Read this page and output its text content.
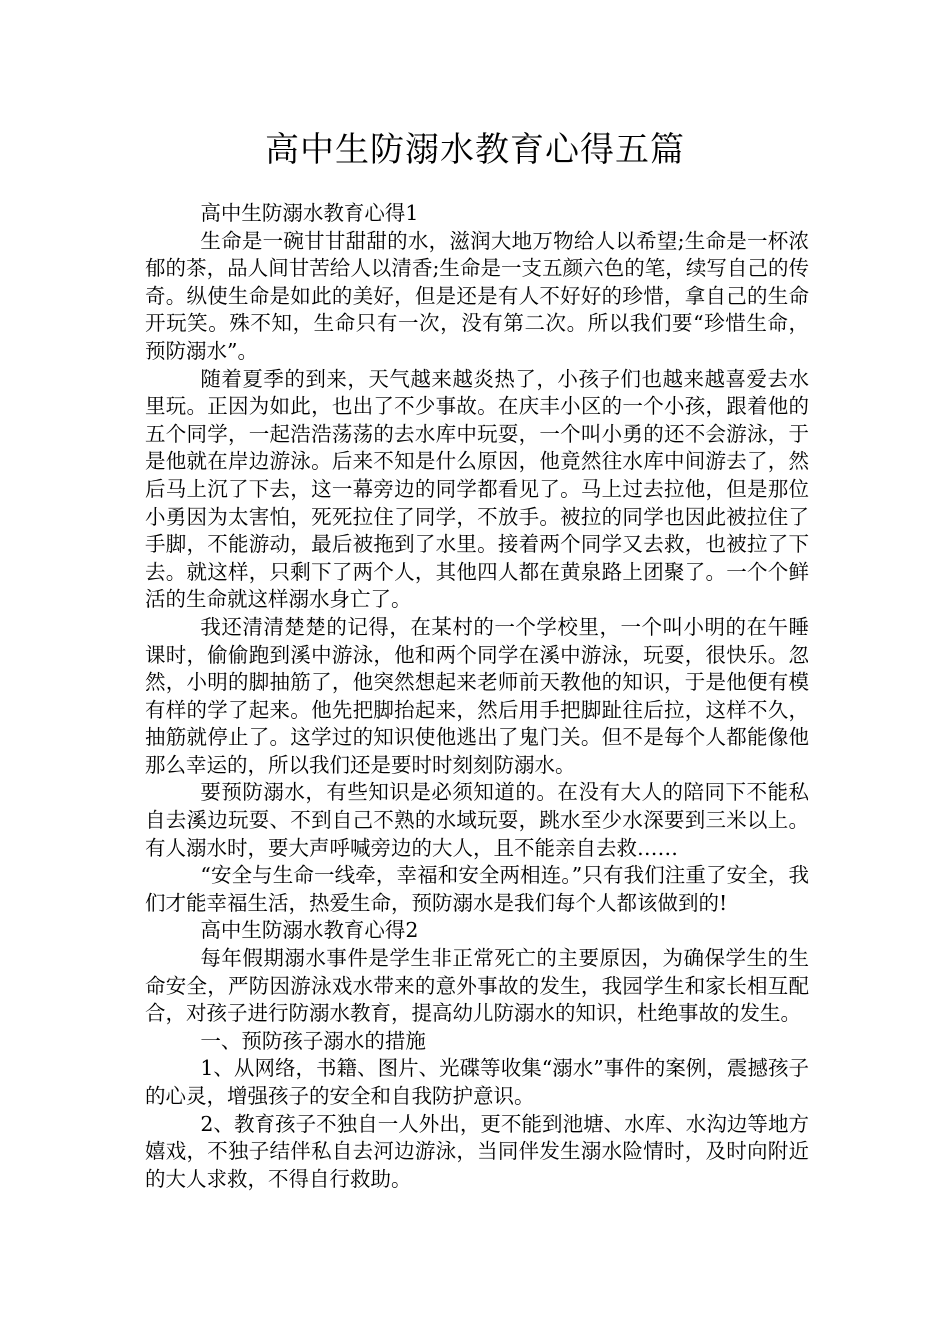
高中生防溺水教育心得五篇

高中生防溺水教育心得1

生命是一碗甘甘甜甜的水，滋润大地万物给人以希望;生命是一杯浓郁的茶，品人间甘苦给人以清香;生命是一支五颜六色的笔，续写自己的传奇。纵使生命是如此的美好，但是还是有人不好好的珍惜，拿自己的生命开玩笑。殊不知，生命只有一次，没有第二次。所以我们要“珍惜生命，预防溺水”。

随着夏季的到来，天气越来越炎热了，小孩子们也越来越喜爱去水里玩。正因为如此，也出了不少事故。在庆丰小区的一个小孩，跟着他的五个同学，一起浩浩荡荡的去水库中玩耍，一个叫小勇的还不会游泳，于是他就在岸边游泳。后来不知是什么原因，他竟然往水库中间游去了，然后马上沉了下去，这一幕旁边的同学都看见了。马上过去拉他，但是那位小勇因为太害怕，死死拉住了同学，不放手。被拉的同学也因此被拉住了手脚，不能游动，最后被拖到了水里。接着两个同学又去救，也被拉了下去。就这样，只剩下了两个人，其他四人都在黄泉路上团聚了。一个个鲜活的生命就这样溺水身亡了。

我还清清楚楚的记得，在某村的一个学校里，一个叫小明的在午睡课时，偷偷跑到溪中游泳，他和两个同学在溪中游泳，玩耍，很快乐。忽然，小明的脚抽筋了，他突然想起来老师前天教他的知识，于是他便有模有样的学了起来。他先把脚抬起来，然后用手把脚趾往后拉，这样不久，抽筋就停止了。这学过的知识使他逃出了鬼门关。但不是每个人都能像他那么幸运的，所以我们还是要时时刻刻防溺水。

要预防溺水，有些知识是必须知道的。在没有大人的陪同下不能私自去溪边玩耍、不到自己不熟的水域玩耍，跳水至少水深要到三米以上。有人溺水时，要大声呼喊旁边的大人，且不能亲自去救……

“安全与生命一线牵，幸福和安全两相连。”只有我们注重了安全，我们才能幸福生活，热爱生命，预防溺水是我们每个人都该做到的!

高中生防溺水教育心得2

每年假期溺水事件是学生非正常死亡的主要原因，为确保学生的生命安全，严防因游泳戏水带来的意外事故的发生，我园学生和家长相互配合，对孩子进行防溺水教育，提高幼儿防溺水的知识，杜绝事故的发生。

一、预防孩子溺水的措施

1、从网络，书籍、图片、光碟等收集“溺水”事件的案例，震撼孩子的心灵，增强孩子的安全和自我防护意识。

2、教育孩子不独自一人外出，更不能到池塘、水库、水沟边等地方嬉戏，不独子结伴私自去河边游泳，当同伴发生溺水险情时，及时向附近的大人求救，不得自行救助。
